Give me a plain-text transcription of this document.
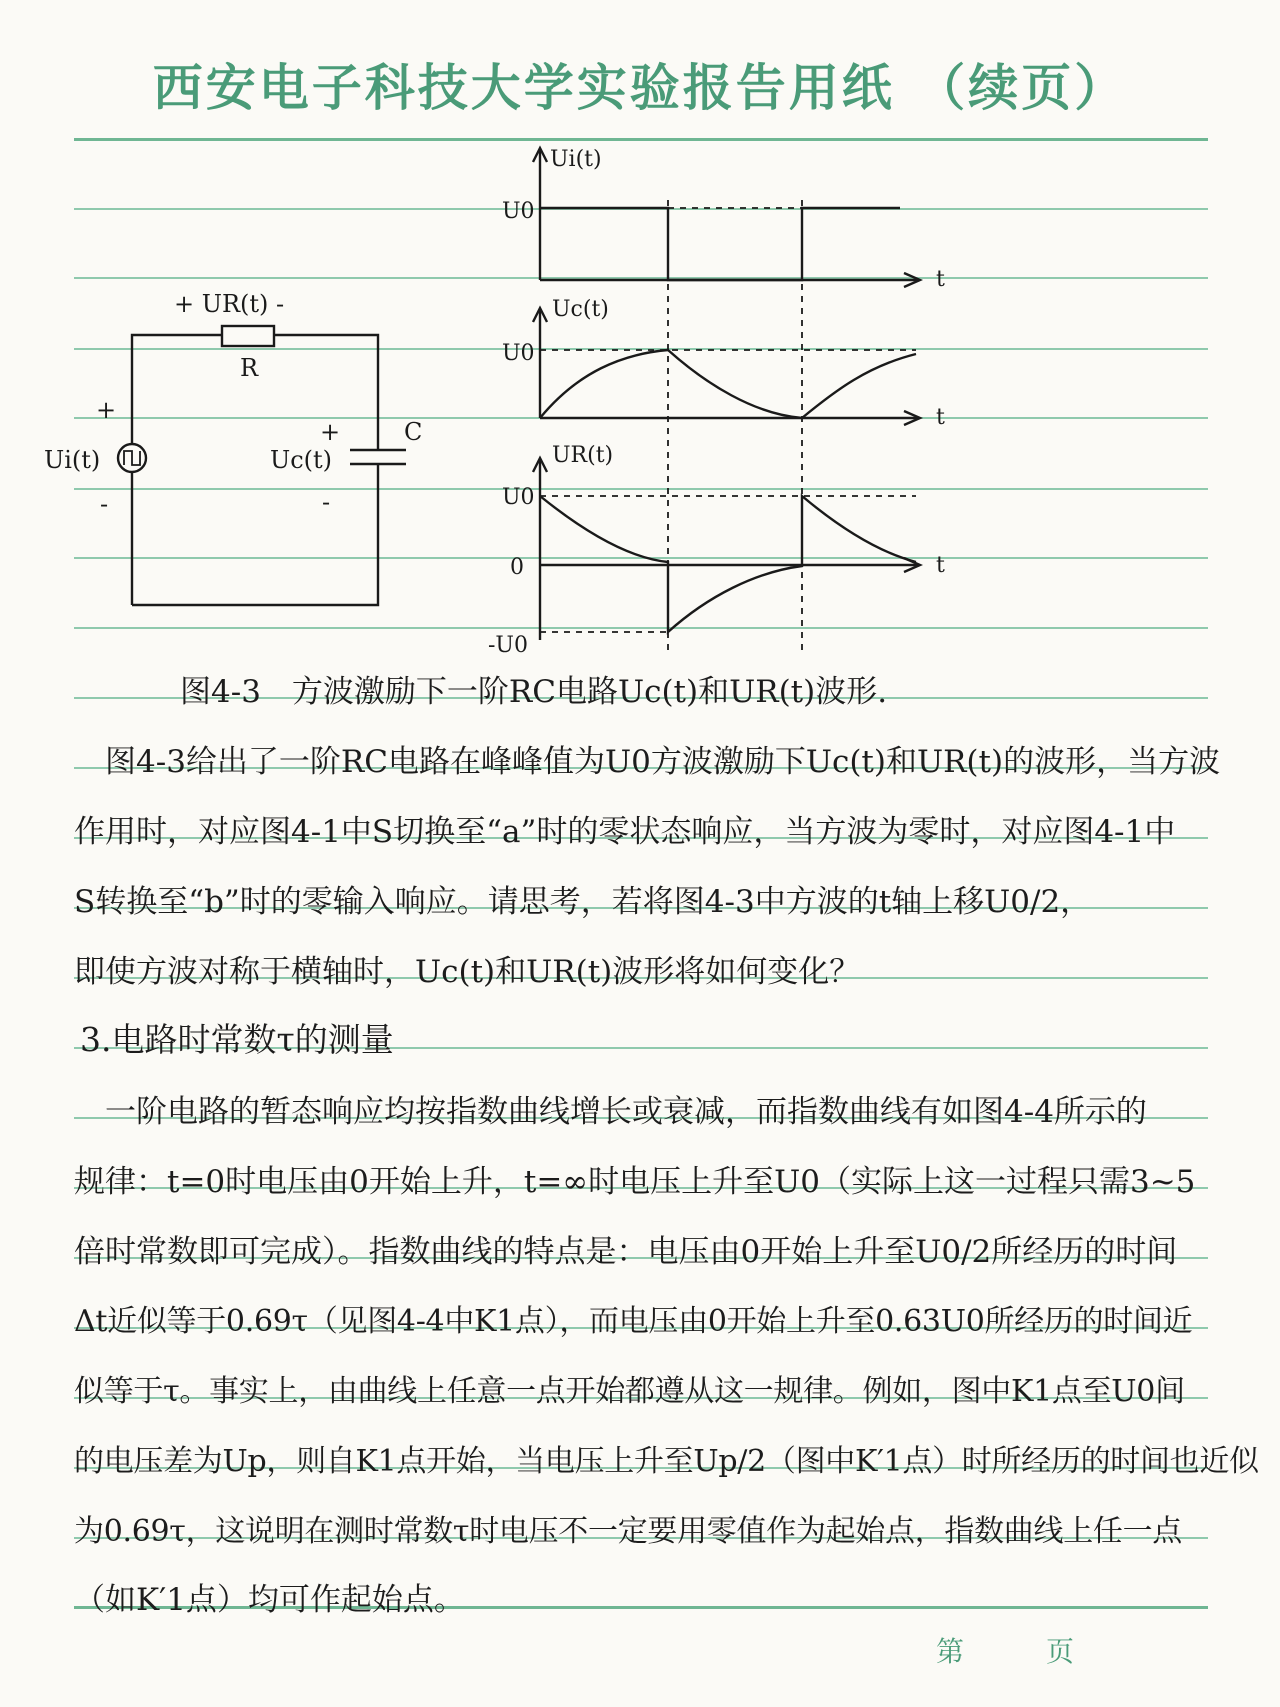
西安电子科技大学实验报告用纸 （续页）
Ui(t)
+
-
+ UR(t) -
R
C
Uc(t)
+
-
Ui(t)
U0
t
Uc(t)
U0
t
UR(t)
U0
0
-U0
t
图4-3　方波激励下一阶RC电路Uc(t)和UR(t)波形.
　图4-3给出了一阶RC电路在峰峰值为U0方波激励下Uc(t)和UR(t)的波形，当方波
作用时，对应图4-1中S切换至“a”时的零状态响应，当方波为零时，对应图4-1中
S转换至“b”时的零输入响应。请思考，若将图4-3中方波的t轴上移U0/2，
即使方波对称于横轴时，Uc(t)和UR(t)波形将如何变化？
3.电路时常数τ的测量
　一阶电路的暂态响应均按指数曲线增长或衰减，而指数曲线有如图4-4所示的
规律：t=0时电压由0开始上升，t=∞时电压上升至U0（实际上这一过程只需3~5
倍时常数即可完成）。指数曲线的特点是：电压由0开始上升至U0/2所经历的时间
Δt近似等于0.69τ（见图4-4中K1点），而电压由0开始上升至0.63U0所经历的时间近
似等于τ。事实上，由曲线上任意一点开始都遵从这一规律。例如，图中K1点至U0间
的电压差为Up，则自K1点开始，当电压上升至Up/2（图中K′1点）时所经历的时间也近似
为0.69τ，这说明在测时常数τ时电压不一定要用零值作为起始点，指数曲线上任一点
（如K′1点）均可作起始点。
第	页
